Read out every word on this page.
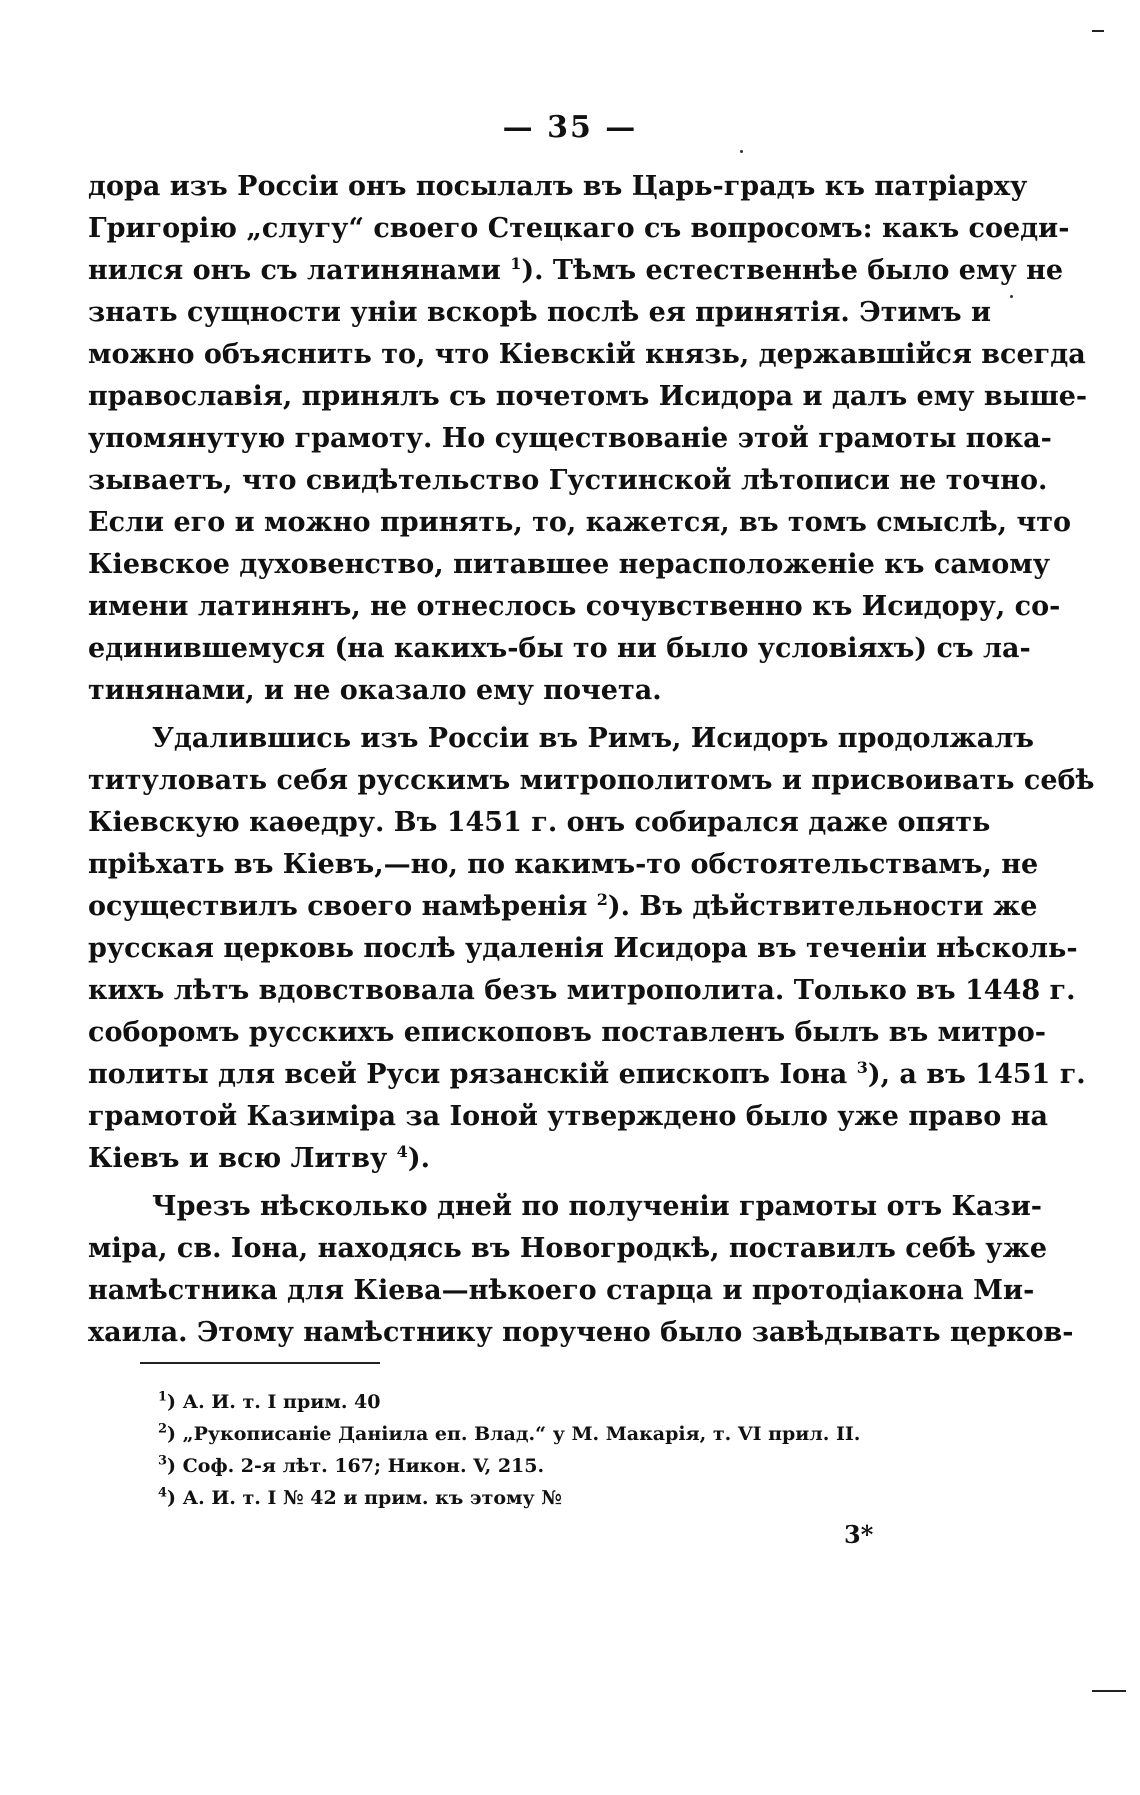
— 35 —
дора изъ Россіи онъ посылалъ въ Царь-градъ къ патріарху
Григорію „слугу“ своего Стецкаго съ вопросомъ: какъ соеди-
нился онъ съ латинянами $^1$). Тѣмъ естественнѣе было ему не
знать сущности уніи вскорѣ послѣ ея принятія. Этимъ и
можно объяснить то, что Кіевскій князь, державшійся всегда
православія, принялъ съ почетомъ Исидора и далъ ему выше-
упомянутую грамоту. Но существованіе этой грамоты пока-
зываетъ, что свидѣтельство Густинской лѣтописи не точно.
Если его и можно принять, то, кажется, въ томъ смыслѣ, что
Кіевское духовенство, питавшее нерасположеніе къ самому
имени латинянъ, не отнеслось сочувственно къ Исидору, со-
единившемуся (на какихъ-бы то ни было условіяхъ) съ ла-
тинянами, и не оказало ему почета.
Удалившись изъ Россіи въ Римъ, Исидоръ продолжалъ
титуловать себя русскимъ митрополитомъ и присвоивать себѣ
Кіевскую каѳедру. Въ 1451 г. онъ собирался даже опять
пріѣхать въ Кіевъ,—но, по какимъ-то обстоятельствамъ, не
осуществилъ своего намѣренія $^2$). Въ дѣйствительности же
русская церковь послѣ удаленія Исидора въ теченіи нѣсколь-
кихъ лѣтъ вдовствовала безъ митрополита. Только въ 1448 г.
соборомъ русскихъ епископовъ поставленъ былъ въ митро-
политы для всей Руси рязанскій епископъ Іона $^3$), а въ 1451 г.
грамотой Казиміра за Іоной утверждено было уже право на
Кіевъ и всю Литву $^4$).
Чрезъ нѣсколько дней по полученіи грамоты отъ Кази-
міра, св. Іона, находясь въ Новогродкѣ, поставилъ себѣ уже
намѣстника для Кіева—нѣкоего старца и протодіакона Ми-
хаила. Этому намѣстнику поручено было завѣдывать церков-
$^1$) А. И. т. I прим. 40
$^2$) „Рукописаніе Даніила еп. Влад.“ у М. Макарія, т. VI прил. II.
$^3$) Соф. 2-я лѣт. 167; Никон. V, 215.
$^4$) А. И. т. I № 42 и прим. къ этому №
3*
